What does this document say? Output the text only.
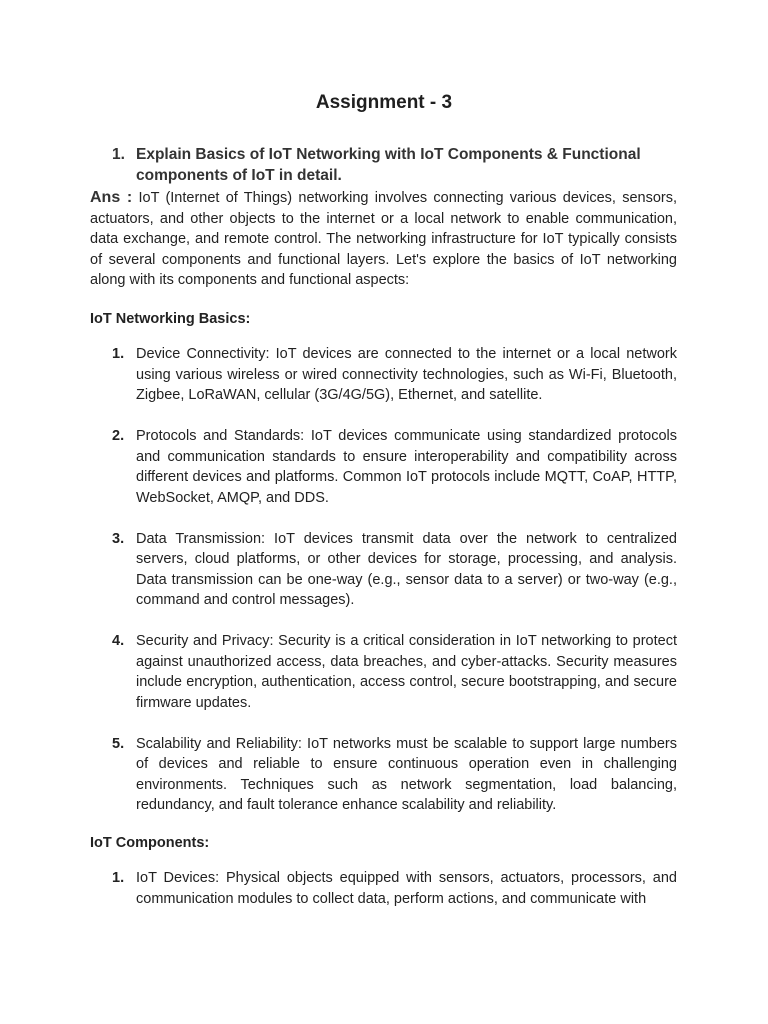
Assignment - 3
1. Explain Basics of IoT Networking with IoT Components & Functional components of IoT in detail.
Ans : IoT (Internet of Things) networking involves connecting various devices, sensors, actuators, and other objects to the internet or a local network to enable communication, data exchange, and remote control. The networking infrastructure for IoT typically consists of several components and functional layers. Let's explore the basics of IoT networking along with its components and functional aspects:
IoT Networking Basics:
1. Device Connectivity: IoT devices are connected to the internet or a local network using various wireless or wired connectivity technologies, such as Wi-Fi, Bluetooth, Zigbee, LoRaWAN, cellular (3G/4G/5G), Ethernet, and satellite.
2. Protocols and Standards: IoT devices communicate using standardized protocols and communication standards to ensure interoperability and compatibility across different devices and platforms. Common IoT protocols include MQTT, CoAP, HTTP, WebSocket, AMQP, and DDS.
3. Data Transmission: IoT devices transmit data over the network to centralized servers, cloud platforms, or other devices for storage, processing, and analysis. Data transmission can be one-way (e.g., sensor data to a server) or two-way (e.g., command and control messages).
4. Security and Privacy: Security is a critical consideration in IoT networking to protect against unauthorized access, data breaches, and cyber-attacks. Security measures include encryption, authentication, access control, secure bootstrapping, and secure firmware updates.
5. Scalability and Reliability: IoT networks must be scalable to support large numbers of devices and reliable to ensure continuous operation even in challenging environments. Techniques such as network segmentation, load balancing, redundancy, and fault tolerance enhance scalability and reliability.
IoT Components:
1. IoT Devices: Physical objects equipped with sensors, actuators, processors, and communication modules to collect data, perform actions, and communicate with
